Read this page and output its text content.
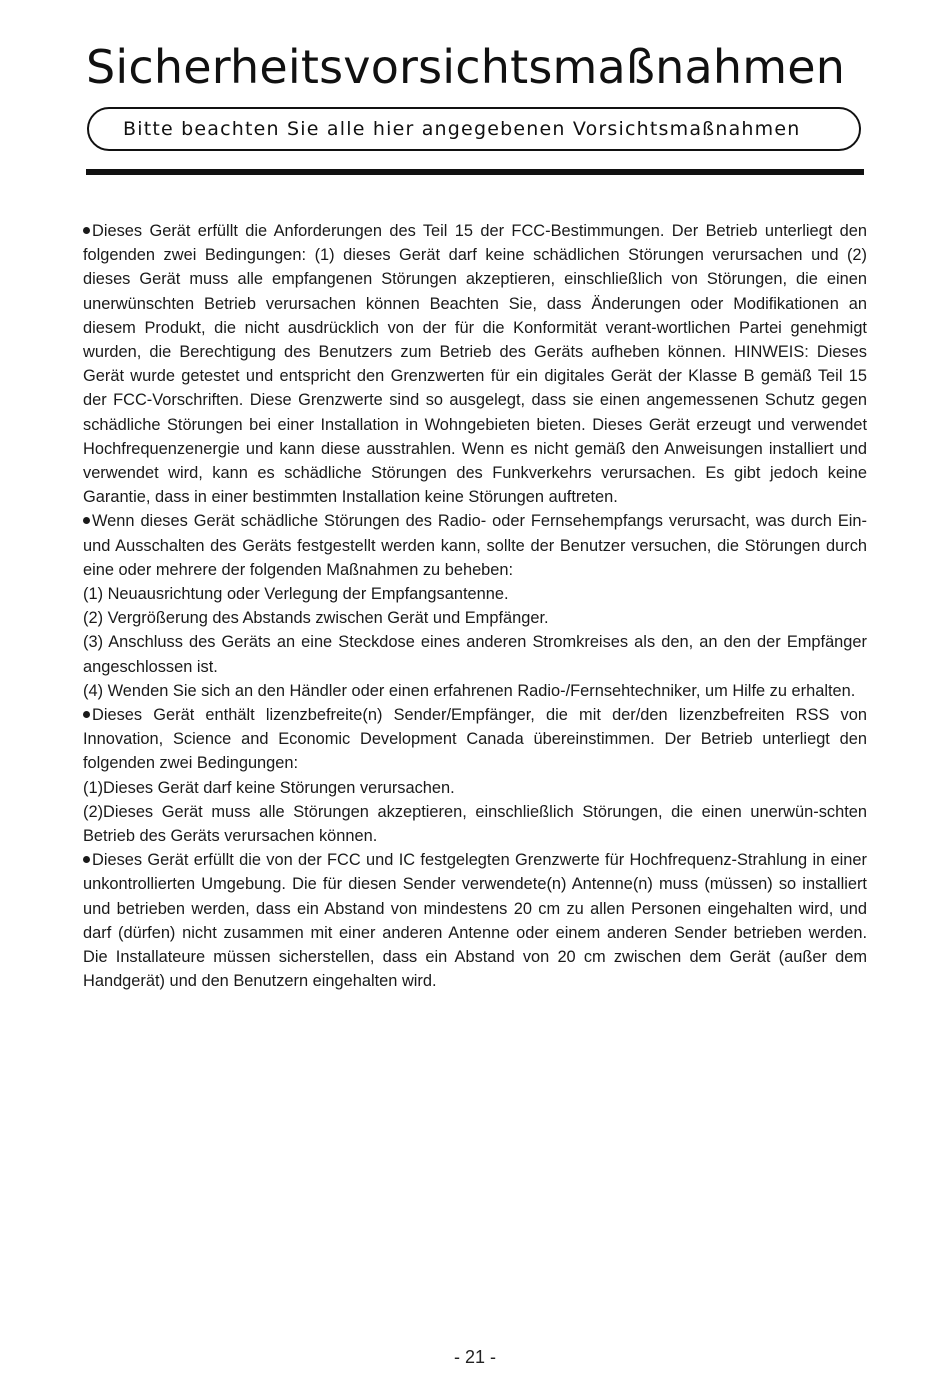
Sicherheitsvorsichtsmaßnahmen
Bitte beachten Sie alle hier angegebenen Vorsichtsmaßnahmen

Dieses Gerät erfüllt die Anforderungen des Teil 15 der FCC-Bestimmungen. Der Betrieb unterliegt den folgenden zwei Bedingungen: (1) dieses Gerät darf keine schädlichen Störungen verursachen und (2) dieses Gerät muss alle empfangenen Störungen akzeptieren, einschließlich von Störungen, die einen unerwünschten Betrieb verursachen können Beachten Sie, dass Änderungen oder Modifikationen an diesem Produkt, die nicht ausdrücklich von der für die Konformität verant-wortlichen Partei genehmigt wurden, die Berechtigung des Benutzers zum Betrieb des Geräts aufheben können. HINWEIS: Dieses Gerät wurde getestet und entspricht den Grenzwerten für ein digitales Gerät der Klasse B gemäß Teil 15 der FCC-Vorschriften. Diese Grenzwerte sind so ausgelegt, dass sie einen angemessenen Schutz gegen schädliche Störungen bei einer Installation in Wohngebieten bieten. Dieses Gerät erzeugt und verwendet Hochfrequenzenergie und kann diese ausstrahlen. Wenn es nicht gemäß den Anweisungen installiert und verwendet wird, kann es schädliche Störungen des Funkverkehrs verursachen. Es gibt jedoch keine Garantie, dass in einer bestimmten Installation keine Störungen auftreten.

Wenn dieses Gerät schädliche Störungen des Radio- oder Fernsehempfangs verursacht, was durch Ein- und Ausschalten des Geräts festgestellt werden kann, sollte der Benutzer versuchen, die Störungen durch eine oder mehrere der folgenden Maßnahmen zu beheben:

(1) Neuausrichtung oder Verlegung der Empfangsantenne.

(2) Vergrößerung des Abstands zwischen Gerät und Empfänger.

(3) Anschluss des Geräts an eine Steckdose eines anderen Stromkreises als den, an den der Empfänger angeschlossen ist.

(4) Wenden Sie sich an den Händler oder einen erfahrenen Radio-/Fernsehtechniker, um Hilfe zu erhalten.

Dieses Gerät enthält lizenzbefreite(n) Sender/Empfänger, die mit der/den lizenzbefreiten RSS von Innovation, Science and Economic Development Canada übereinstimmen. Der Betrieb unterliegt den folgenden zwei Bedingungen:

(1)Dieses Gerät darf keine Störungen verursachen.

(2)Dieses Gerät muss alle Störungen akzeptieren, einschließlich Störungen, die einen unerwün-schten Betrieb des Geräts verursachen können.

Dieses Gerät erfüllt die von der FCC und IC festgelegten Grenzwerte für Hochfrequenz-Strahlung in einer unkontrollierten Umgebung. Die für diesen Sender verwendete(n) Antenne(n) muss (müssen) so installiert und betrieben werden, dass ein Abstand von mindestens 20 cm zu allen Personen eingehalten wird, und darf (dürfen) nicht zusammen mit einer anderen Antenne oder einem anderen Sender betrieben werden. Die Installateure müssen sicherstellen, dass ein Abstand von 20 cm zwischen dem Gerät (außer dem Handgerät) und den Benutzern eingehalten wird.

- 21 -
